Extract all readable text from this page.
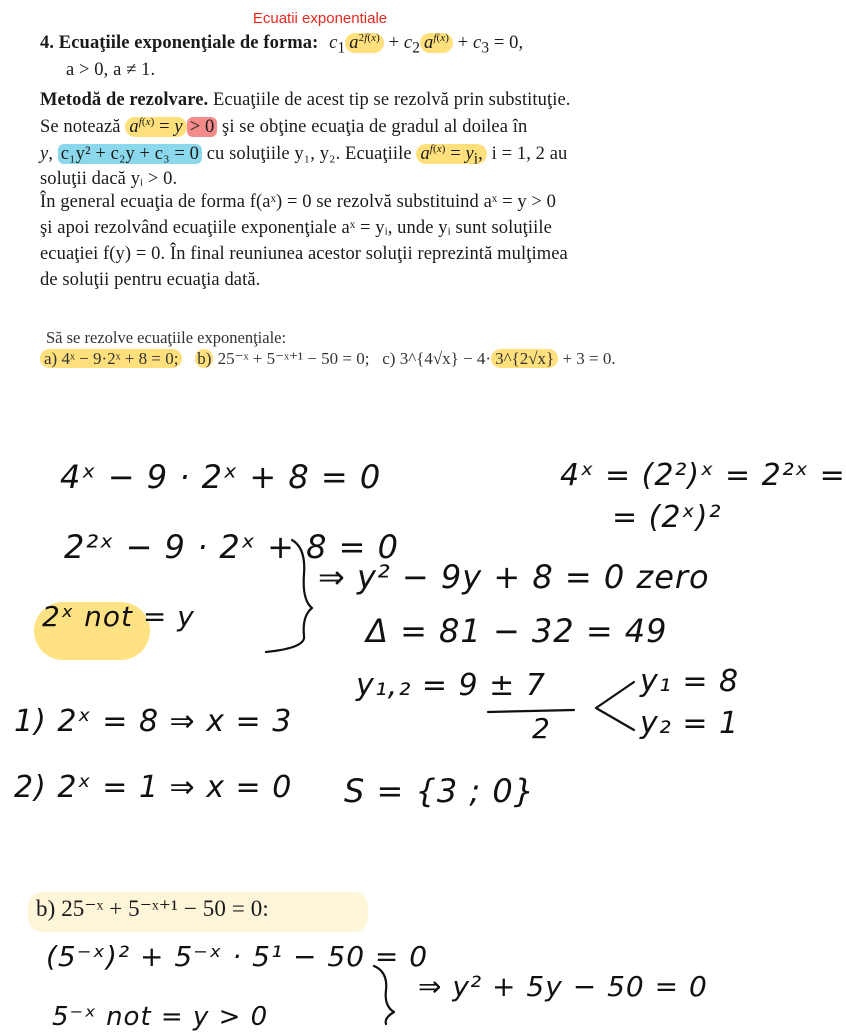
Ecuatii exponentiale
4. Ecuaţiile exponenţiale de forma: $c_1$ $a^{2f(x)} + c_2$ $a^{f(x)} + c_3 = 0$,
a > 0, a ≠ 1.
Metodă de rezolvare. Ecuaţiile de acest tip se rezolvă prin substituţie.
Se notează $a^{f(x)} = y > 0$ şi se obţine ecuaţia de gradul al doilea în
y, c₁y² + c₂y + c₃ = 0 cu soluţiile y₁, y₂. Ecuaţiile $a^{f(x)} = y_i$, i = 1, 2 au
soluţii dacă yᵢ > 0.
În general ecuaţia de forma f(aˣ) = 0 se rezolvă substituind aˣ = y > 0
şi apoi rezolvând ecuaţiile exponenţiale aˣ = yᵢ, unde yᵢ sunt soluţiile
ecuaţiei f(y) = 0. În final reuniunea acestor soluţii reprezintă mulţimea
de soluţii pentru ecuaţia dată.
Să se rezolve ecuaţiile exponenţiale:
a) 4ˣ − 9·2ˣ + 8 = 0; b) 25⁻ˣ + 5⁻ˣ⁺¹ − 50 = 0; c) 3^{4√x} − 4· 3^{2√x} + 3 = 0.
4ˣ − 9 · 2ˣ + 8 = 0	4ˣ = (2²)ˣ = 2²ˣ =
= (2ˣ)²
2²ˣ − 9 · 2ˣ + 8 = 0
2ˣ not = y
⇒ y² − 9y + 8 = 0 zero
Δ = 81 − 32 = 49
y₁,₂ = 9 ± 7
2
y₁ = 8
y₂ = 1
1) 2ˣ = 8 ⇒ x = 3
2) 2ˣ = 1 ⇒ x = 0 S = {3 ; 0}
b) 25⁻ˣ + 5⁻ˣ⁺¹ − 50 = 0:
(5⁻ˣ)² + 5⁻ˣ · 5¹ − 50 = 0
⇒ y² + 5y − 50 = 0
5⁻ˣ not = y > 0
